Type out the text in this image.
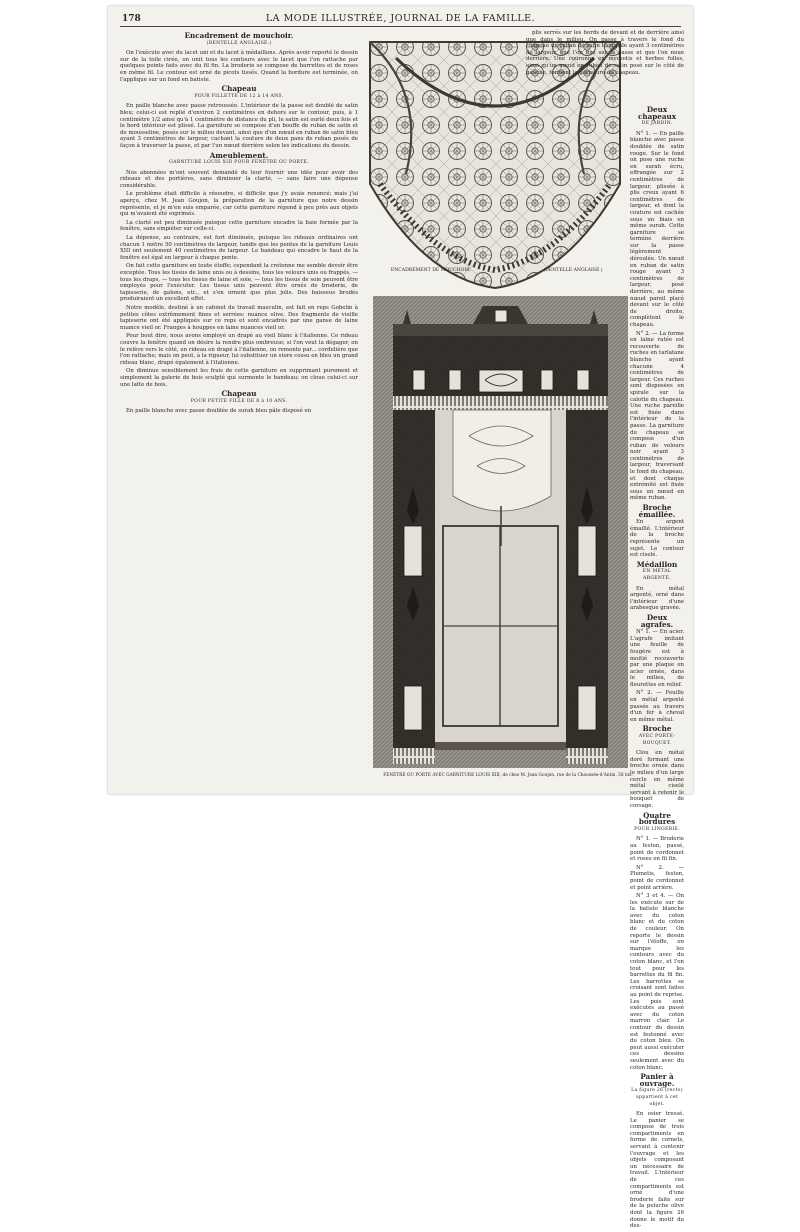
178	LA MODE ILLUSTRÉE, JOURNAL DE LA FAMILLE.
Encadrement de mouchoir.
(DENTELLE ANGLAISE.)

On l'exécute avec du lacet uni et du lacet à médaillons. Après avoir reporté le dessin sur de la toile cirée, on unit tous les contours avec le lacet que l'on rattache par quelques points faits avec du fil fin. La broderie se compose de barrettes et de roses en même fil. Le contour est orné de picots tissés. Quand la bordure est terminée, on l'applique sur un fond en batiste.

Chapeau
POUR FILLETTE DE 12 à 14 ANS.

En paille blanche avec passe retroussée. L'intérieur de la passe est doublé de satin bleu; celui-ci est replié d'environ 2 centimètres en dehors sur le contour, puis, à 1 centimètre 1/2 ainsi qu'à 1 centimètre de distance du pli, le satin est ourlé deux fois et le bord intérieur est plissé. La garniture se compose d'un bouffe de ruban de satin et de mousseline, posés sur le milieu devant, ainsi que d'un nœud en ruban de satin bleu ayant 3 centimètres de largeur, cachant la couture de deux pans de ruban posés de façon à traverser la passe, et par l'un nœud derrière selon les indications du dessin.

Ameublement.
GARNITURE LOUIS XIII POUR FENÊTRE OU PORTE.

Nos abonnées m'ont souvent demandé de leur fournir une idée pour avoir des rideaux et des portières, sans diminuer la clarté, — sans faire une dépense considérable.

Le problème était difficile à résoudre, si difficile que j'y avais renoncé; mais j'ai aperçu, chez M. Jean Goujon, la préparation de la garniture que notre dessin représente, et je m'en suis emparée, car cette garniture répond à peu près aux objets qui m'avaient été exprimés.

La clarté est peu diminuée puisque cette garniture encadre la baie formée par la fenêtre, sans empiéter sur celle-ci.

La dépense, au contraire, est fort diminuée, puisque les rideaux ordinaires ont chacun 1 mètre 50 centimètres de largeur, tandis que les pentes de la garniture Louis XIII ont seulement 40 centimètres de largeur. Le bandeau qui encadre le haut de la fenêtre est égal en largeur à chaque pente.

On fait cette garniture en toute étoffe; cependant la cretonne me semble devoir être exceptée. Tous les tissus de laine unis ou à dessins, tous les velours unis ou frappés, — tous les draps, — tous les tissus de laine et soie, — tous les tissus de soie peuvent être employés pour l'exécuter. Les tissus unis peuvent être ornés de broderie, de tapisserie, de galons, etc., et s'en ornent que plus jolis. Des baisseus brodés produiraient un excellent effet.

Notre modèle, destiné à un cabinet de travail masculin, est fait en reps Gobelin à petites côtes extrêmement fines et serrées: nuance olive. Des fragments de vieille tapisserie ont été appliqués sur ce reps et sont encadrés par une ganse de laine nuance vieil or. Franges à houppes en laine nuances vieil or.

Pour bout dire, nous avons employé un drapé au vieil blanc à l'italienne. Ce rideau couvre la fenêtre quand on désire la rendre plus ombreuse; si l'on veut la dégager, on le relève vers le côté, un rideau en drapé à l'italienne, on remonte par... cordelière que l'on rattache; mais on peut, à la rigueur, lui substituer un store cossu en bleu un grand rideau blanc, drapé également à l'italienne.

On diminue sensiblement les frais de cette garniture en supprimant purement et simplement la galerie de bois sculpté qui surmonte le bandeau; on cloue celui-ci sur une latte de bois.

Chapeau
POUR PETITE FILLE DE 8 à 10 ANS.

En paille blanche avec passe doublée de surah bleu pâle disposé en

ENCADREMENT DE MOUCHOIR.	(DENTELLE ANGLAISE.)

plis serrés sur les bords de devant et de derrière ainsi que dans le milieu. On passe à travers le fond du chapeau un ruban de satin bleu pâle ayant 3 centimètres de largeur, que l'on fixe sur la passe et que l'on noue derrière. Une couronne en myosotis et herbes folles, ainsi qu'un nœud en ruban de satin posé sur le côté de gauche, forment la garniture du chapeau.

Deux chapeaux
DE JARDIN.

N° 1. — En paille blanche avec passe doublée de satin rouge. Sur le fond on pose une ruche en surah écru, effrangée sur 2 centimètres de largeur, plissée à plis creux ayant 6 centimètres de largeur, et dont la couture est cachée sous un biais en même surah. Cette garniture se termine derrière sur la passe légèrement déroulée. Un nœud en ruban de satin rouge ayant 3 centimètres de largeur, posé derrière, au même nœud pareil placé devant sur le côté de droite, complètent le chapeau.

N° 2. — La forme en laine ratée est recouverte de ruches en tarlatane blanche ayant chacune 4 centimètres de largeur. Ces ruches sont disposées en spirale sur la calotte du chapeau. Une ruche pareille est fixée dans l'intérieur de la passe. La garniture du chapeau se compose d'un ruban de velours noir ayant 3 centimètres de largeur, traversant le fond du chapeau, et dont chaque extrémité est fixée sous un nœud en même ruban.

Broche émaillée.

En argent émaillé. L'intérieur de la broche représente un sujet. Le contour est ciselé.

Médaillon
EN MÉTAL ARGENTÉ.

En métal argenté, orné dans l'intérieur d'une arabesque gravée.

Deux agrafes.

N° 1. — En acier. L'agrafe imitant une feuille de fougère est à moitié recouverte par une plaque en acier ornée, dans le milieu, de fleurettes en relief.

N° 2. — Feuille en métal argenté passée au travers d'un fer à cheval en même métal.

Broche
AVEC PORTE-BOUQUET.

Clou en métal doré formant une broche ornée dans le milieu d'un large cercle en même métal ciselé servant à retenir le bouquet de corsage.

Quatre bordures
POUR LINGERIE.

N° 1. — Broderie au feston, passé, point de cordonnet et roses en fil fin.

N° 2. — Plumetis, feston, point de cordonnet et point arrière.

N° 3 et 4. — On les exécute sur de la batiste blanche avec du coton blanc et du coton de couleur. On reporte le dessin sur l'étoffe, on marque les contours avec du coton blanc, et l'on tout pour les barrettes du fil fin. Les barrettes se croisant sont faites au point de reprise. Les pois sont exécutés au passé avec du coton marron clair. Le contour du dessin est festonné avec du coton bleu. On peut aussi exécuter ces dessins seulement avec du coton blanc.

Panier à ouvrage.
La figure 26 (recto) appartient à cet objet.

En osier tressé. Le panier se compose de trois compartiments en forme de cornets, servant à contenir l'ouvrage et les objets composant un nécessaire de travail. L'intérieur de ces compartiments est orné d'une broderie faite sur de la peluche olive dont la figure 26 donne le motif du des-

FENÊTRE OU PORTE AVEC GARNITURE LOUIS XIII, de chez M. Jean Goujon, rue de la Chaussée-d'Antin, 58 bis.
